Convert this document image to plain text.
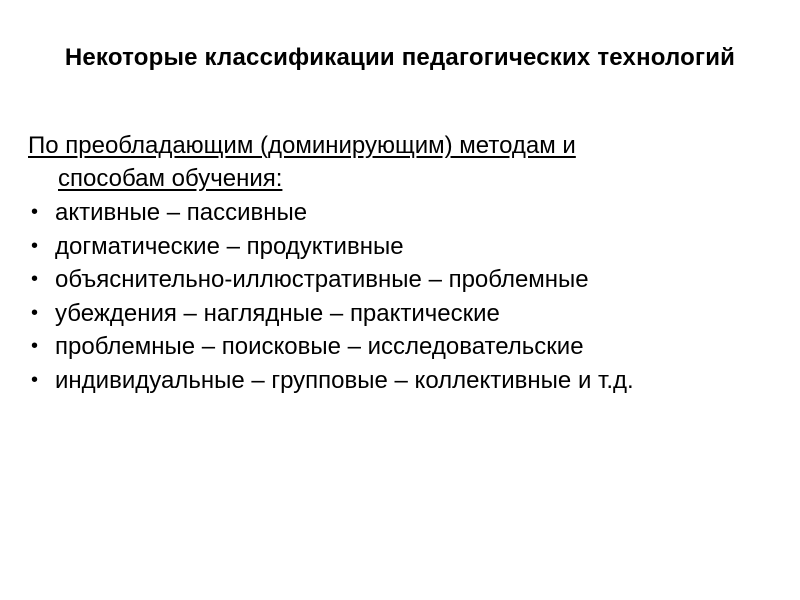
Некоторые классификации педагогических технологий
По преобладающим (доминирующим) методам и
способам обучения:
• активные – пассивные
• догматические – продуктивные
• объяснительно-иллюстративные – проблемные
• убеждения – наглядные – практические
• проблемные – поисковые – исследовательские
• индивидуальные – групповые – коллективные и т.д.
